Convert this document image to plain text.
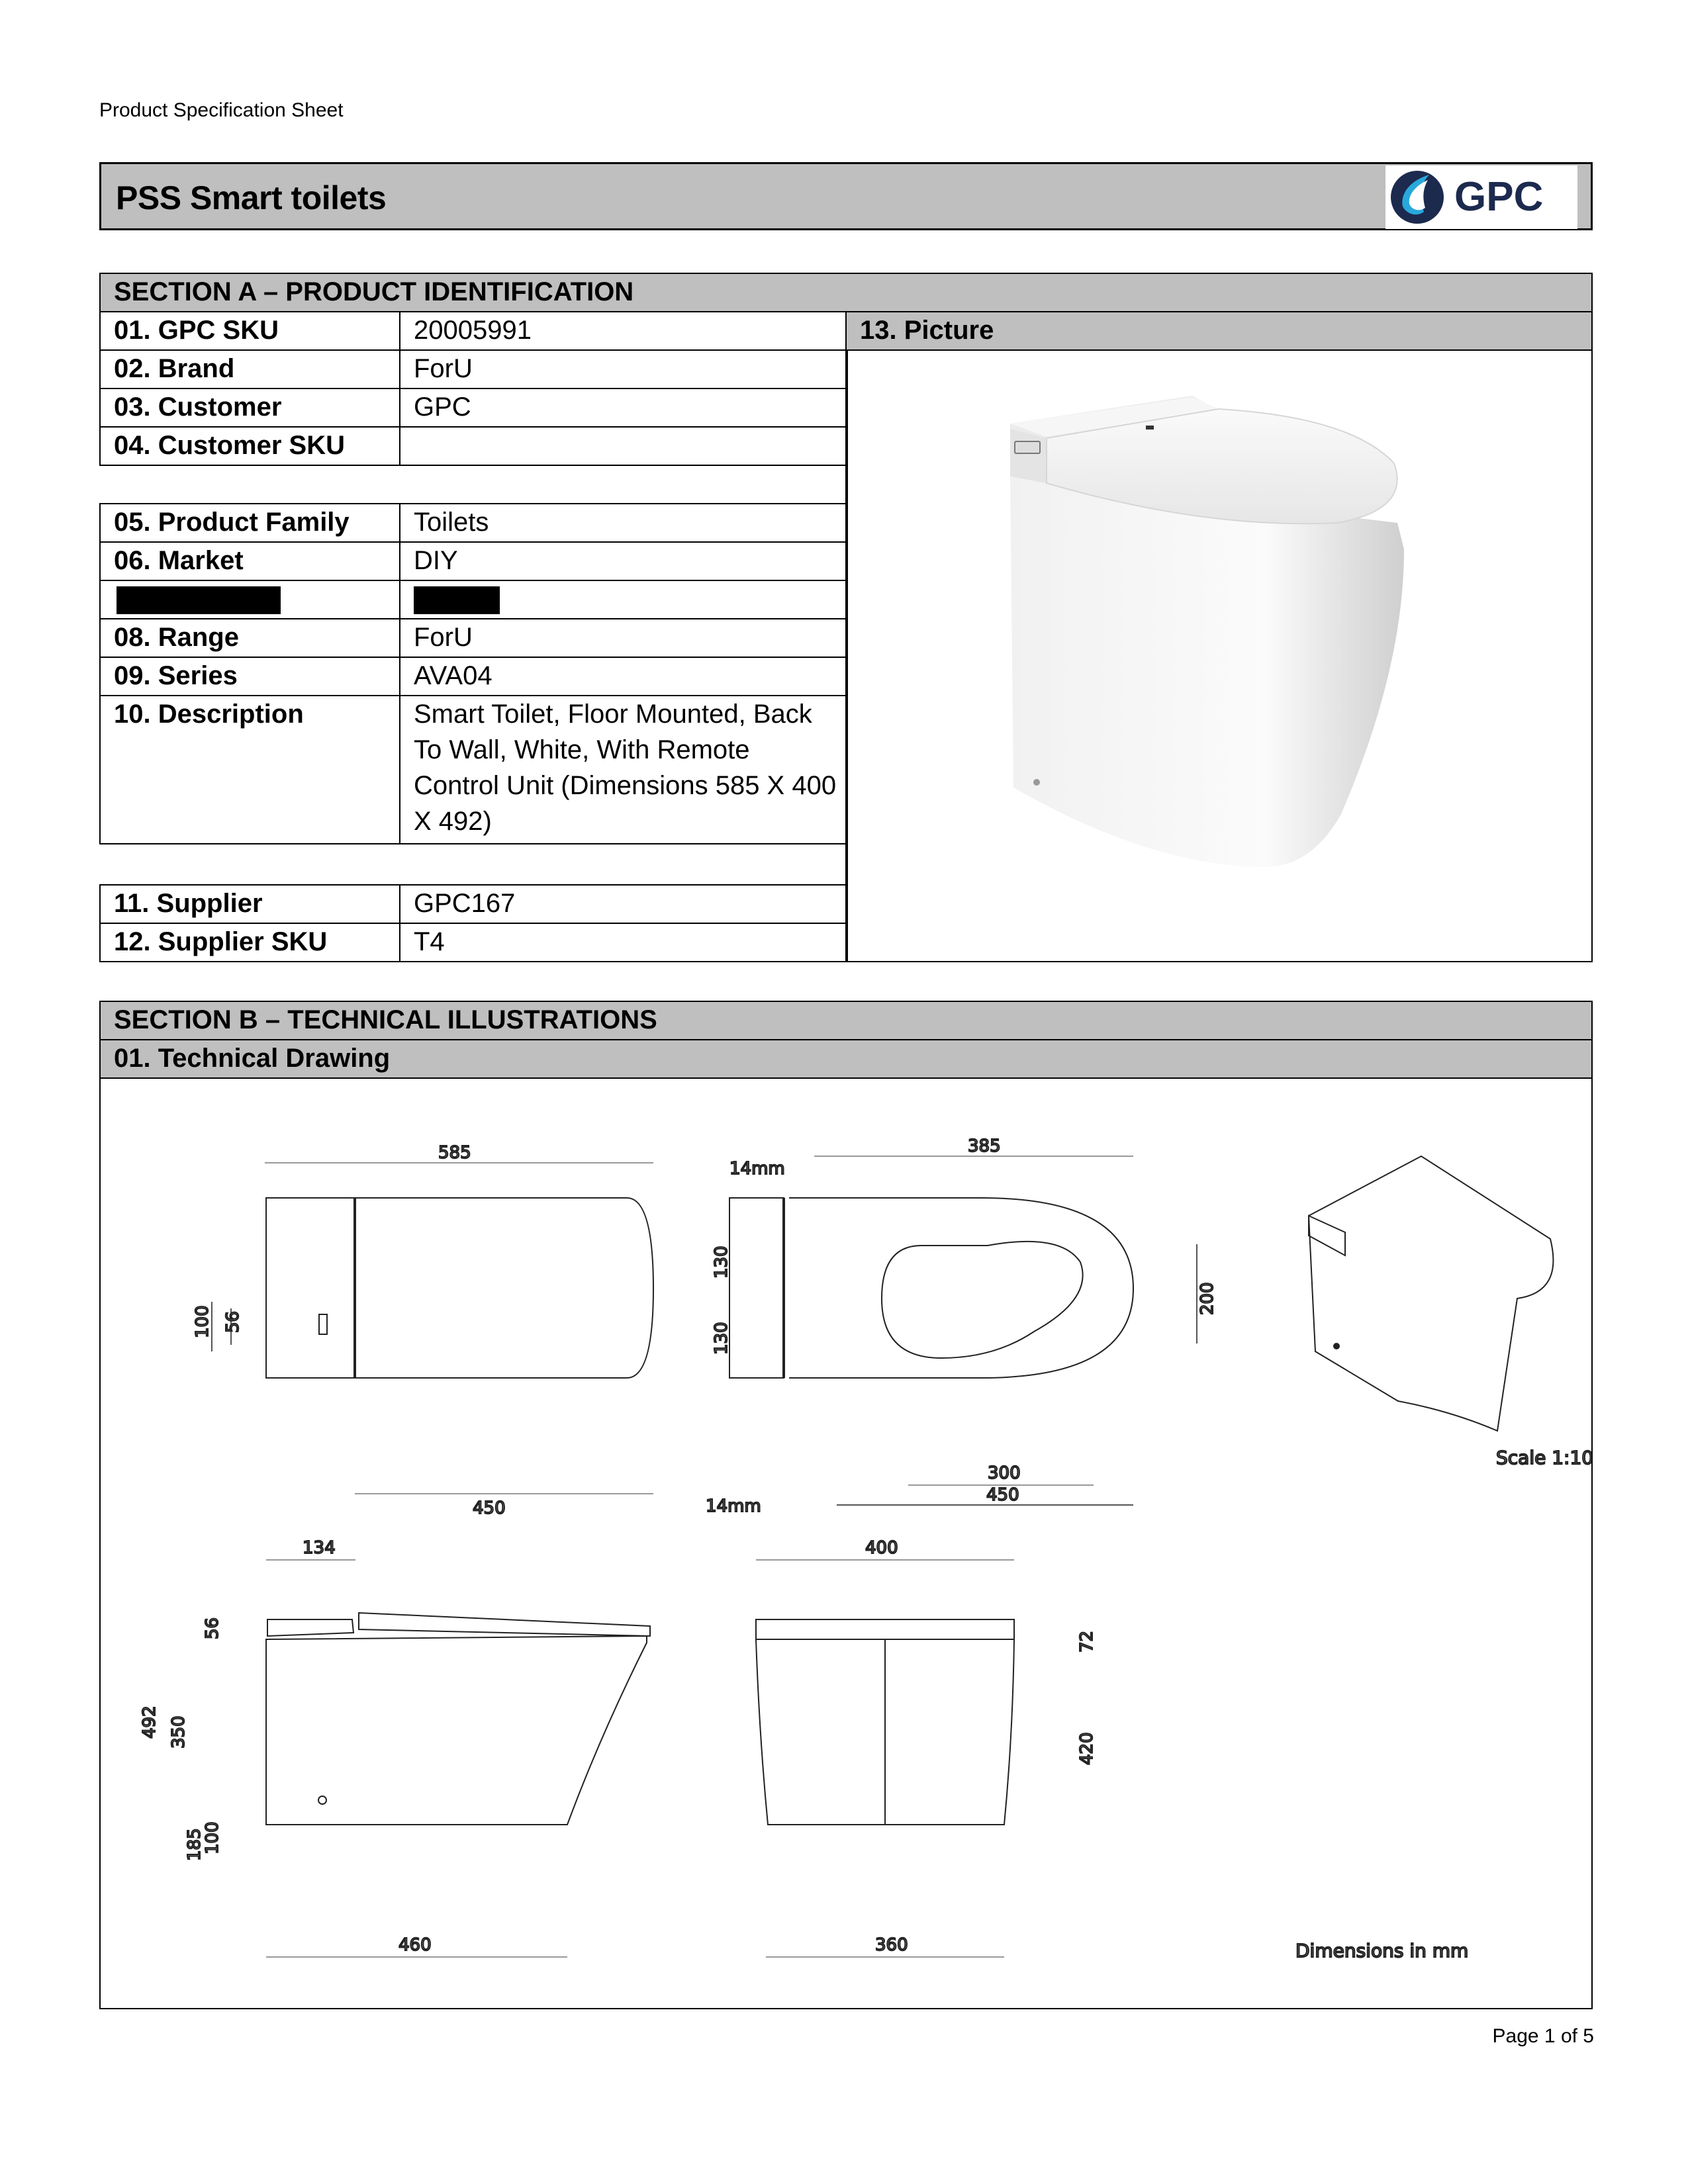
Product Specification Sheet
PSS Smart toilets	GPC
SECTION A – PRODUCT IDENTIFICATION
01. GPC SKU	20005991
02. Brand	ForU
03. Customer	GPC
04. Customer SKU
05. Product Family	Toilets
06. Market	DIY
08. Range	ForU
09. Series	AVA04
10. Description	Smart Toilet, Floor Mounted, Back To Wall, White, With Remote Control Unit (Dimensions 585 X 400 X 492)
11. Supplier	GPC167
12. Supplier SKU	T4
13. Picture
SECTION B – TECHNICAL ILLUSTRATIONS
01. Technical Drawing
585
450
100 56
385
300
450
200
130
130
14mm
14mm
Scale 1:10
460
134
492 350
185
100
56
400
360
72
420
Dimensions in mm
Page 1 of 5
